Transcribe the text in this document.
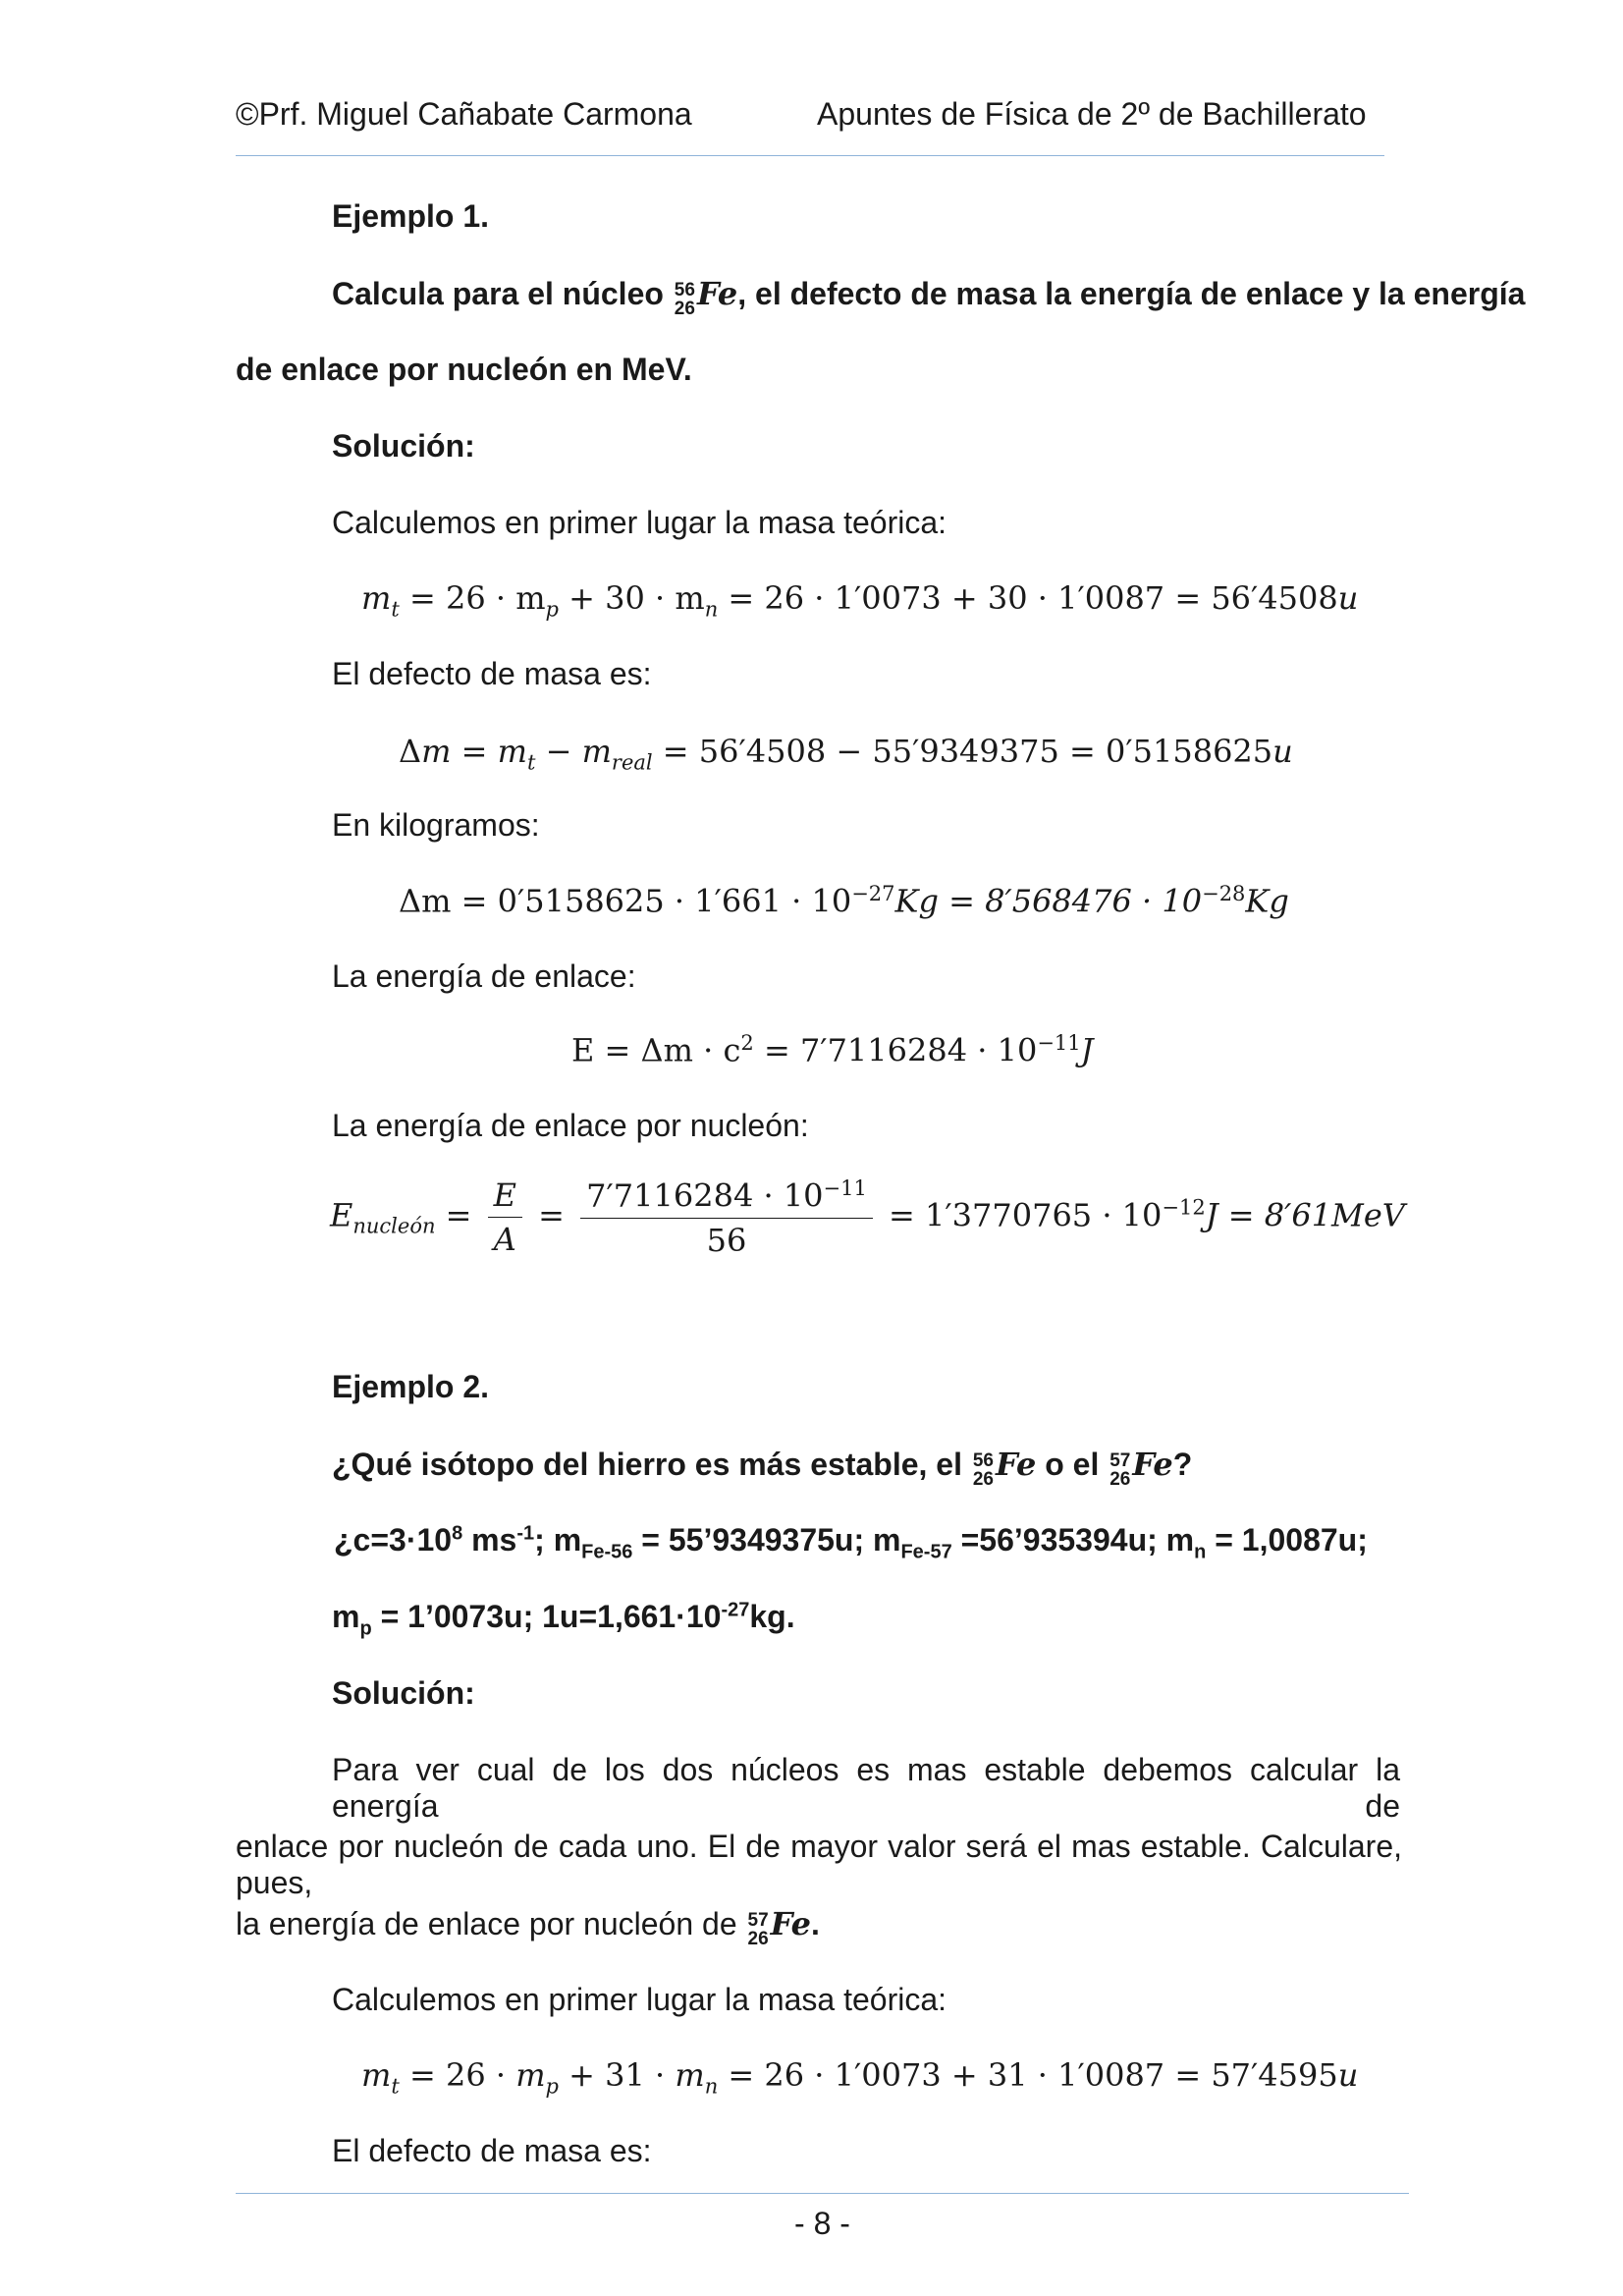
©Prf. Miguel Cañabate Carmona	Apuntes de Física de 2º de Bachillerato
Ejemplo 1.
Calcula para el núcleo 56
26 Fe, el defecto de masa la energía de enlace y la energía
de enlace por nucleón en MeV.
Solución:
Calculemos en primer lugar la masa teórica:
$m_t = 26 \cdot m_p + 30 \cdot m_n = 26 \cdot 1'0073 + 30 \cdot 1'0087 = 56'4508u$
El defecto de masa es:
$\Delta m = m_t - m_{real} = 56'4508 - 55'9349375 = 0'5158625u$
En kilogramos:
$\Delta m = 0'5158625 \cdot 1'661 \cdot 10^{-27}Kg = 8'568476 \cdot 10^{-28}Kg$
La energía de enlace:
$E = \Delta m \cdot c^2 = 7'7116284 \cdot 10^{-11}J$
La energía de enlace por nucleón:
$E_{nucleón} = \frac{E}{A} = \frac{7'7116284 \cdot 10^{-11}}{56} = 1'3770765 \cdot 10^{-12}J = 8'61MeV$
Ejemplo 2.
¿Qué isótopo del hierro es más estable, el 56
26 Fe o el 57
26 Fe?
¿$c=3\cdot 10^8$ $ms^{-1}$; $m_{Fe-56}$ = 55’9349375u; $m_{Fe-57}$ =56’935394u; $m_n = 1,0087u$;
$m_p$ = 1’0073u; $1u=1,661\cdot 10^{-27}kg$.
Solución:
Para ver cual de los dos núcleos es mas estable debemos calcular la energía de
enlace por nucleón de cada uno. El de mayor valor será el mas estable. Calculare, pues,
la energía de enlace por nucleón de 57
26 Fe.
Calculemos en primer lugar la masa teórica:
$m_t = 26 \cdot m_p + 31 \cdot m_n = 26 \cdot 1'0073 + 31 \cdot 1'0087 = 57'4595u$
El defecto de masa es:
- 8 -
